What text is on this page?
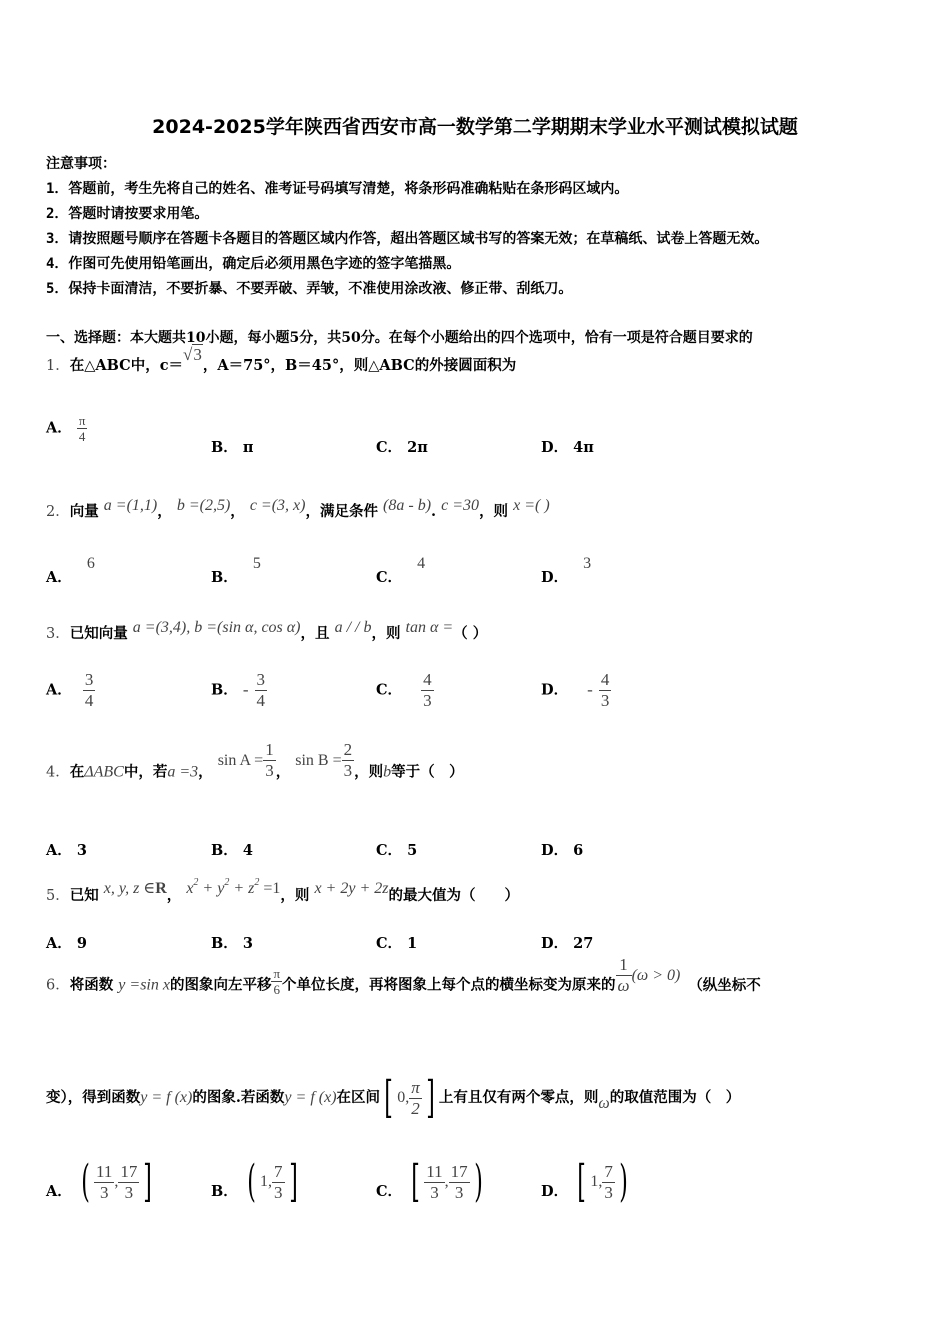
2024-2025学年陕西省西安市高一数学第二学期期末学业水平测试模拟试题
注意事项：
1．答题前，考生先将自己的姓名、准考证号码填写清楚，将条形码准确粘贴在条形码区域内。
2．答题时请按要求用笔。
3．请按照题号顺序在答题卡各题目的答题区域内作答，超出答题区域书写的答案无效；在草稿纸、试卷上答题无效。
4．作图可先使用铅笔画出，确定后必须用黑色字迹的签字笔描黑。
5．保持卡面清洁，不要折暴、不要弄破、弄皱，不准使用涂改液、修正带、刮纸刀。
一、选择题：本大题共10小题，每小题5分，共50分。在每个小题给出的四个选项中，恰有一项是符合题目要求的
1．在△ABC中，c＝√3，A＝75°，B＝45°，则△ABC的外接圆面积为
A． $\frac{\pi}{4}$
B． π	C． 2π	D． 4π
2．向量 a =(1,1)， b =(2,5)， c =(3, x)，满足条件 (8a - b). c =30，则 x =( )
A． 6
B． 5
C． 4
D． 3
3．已知向量 a =(3,4), b =(sin α, cos α)，且 a / / b，则 tan α =（ ）
A． $\frac{3}{4}$	B． - $\frac{3}{4}$	C． $\frac{4}{3}$	D． - $\frac{4}{3}$
4．在ΔABC中，若a =3， $\sin A = \frac{1}{3}$ ， $\sin B = \frac{2}{3}$ ，则b等于（　）
A． 3	B． 4	C． 5	D． 6
5．已知 x, y, z ∈R， $x^2 + y^2 + z^2 =1$，则 x + 2y + 2z的最大值为（　　）
A． 9	B． 3	C． 1	D． 27
6．将函数 y =sin x的图象向左平移 $\frac{\pi}{6}$ 个单位长度，再将图象上每个点的横坐标变为原来的 $\frac{1}{\omega} (\omega > 0)$（纵坐标不
变），得到函数y = f (x)的图象.若函数y = f (x)在区间 [ 0, $\frac{\pi}{2}$ ] 上有且仅有两个零点，则ω的取值范围为（　）
A． ( $\frac{11}{3}$ , $\frac{17}{3}$ ]	B． ( 1, $\frac{7}{3}$ ]	C． [ $\frac{11}{3}$ , $\frac{17}{3}$ )	D． [ 1, $\frac{7}{3}$ )
